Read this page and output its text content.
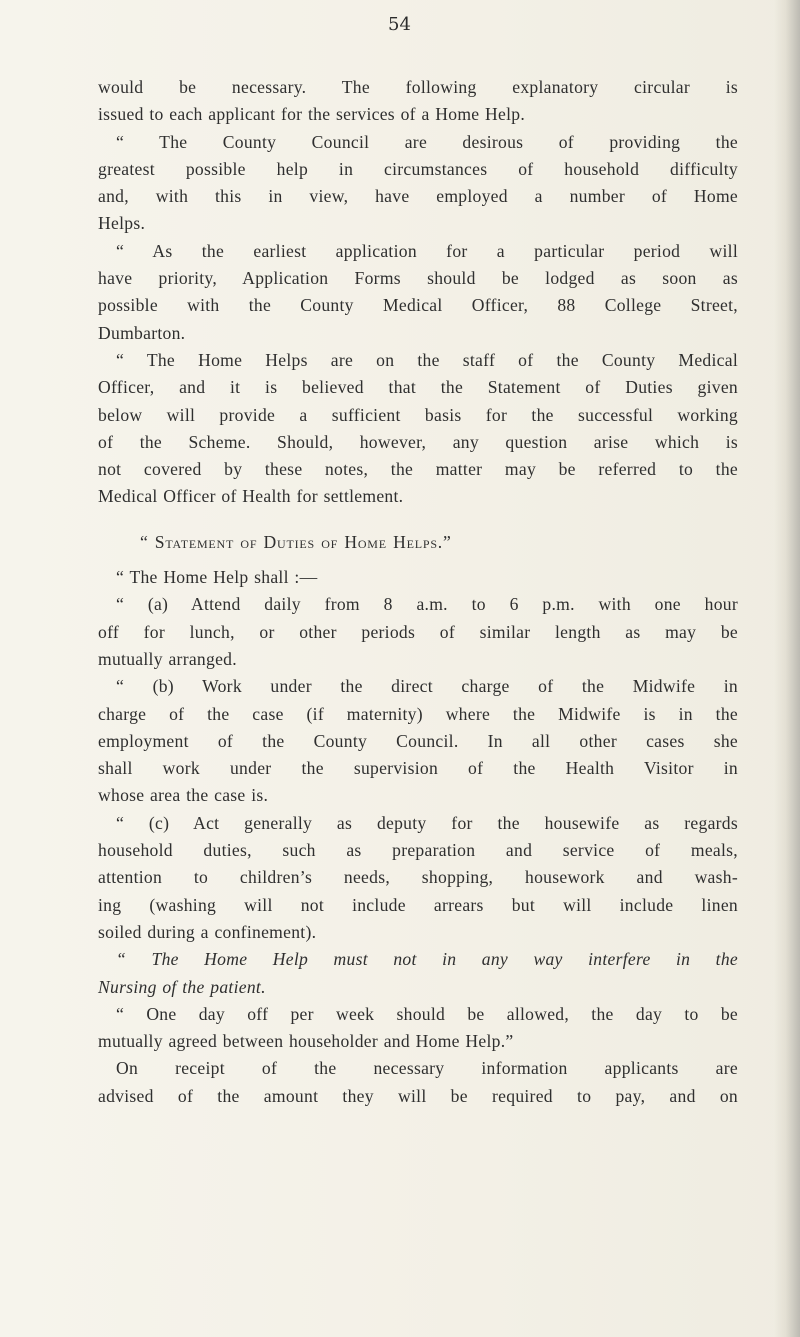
54
would be necessary. The following explanatory circular is
issued to each applicant for the services of a Home Help.
“ The County Council are desirous of providing the
greatest possible help in circumstances of household difficulty
and, with this in view, have employed a number of Home
Helps.
“ As the earliest application for a particular period will
have priority, Application Forms should be lodged as soon as
possible with the County Medical Officer, 88 College Street,
Dumbarton.
“ The Home Helps are on the staff of the County Medical
Officer, and it is believed that the Statement of Duties given
below will provide a sufficient basis for the successful working
of the Scheme. Should, however, any question arise which is
not covered by these notes, the matter may be referred to the
Medical Officer of Health for settlement.
“ Statement of Duties of Home Helps.”
“ The Home Help shall :—
“ (a) Attend daily from 8 a.m. to 6 p.m. with one hour
off for lunch, or other periods of similar length as may be
mutually arranged.
“ (b) Work under the direct charge of the Midwife in
charge of the case (if maternity) where the Midwife is in the
employment of the County Council. In all other cases she
shall work under the supervision of the Health Visitor in
whose area the case is.
“ (c) Act generally as deputy for the housewife as regards
household duties, such as preparation and service of meals,
attention to children’s needs, shopping, housework and wash-
ing (washing will not include arrears but will include linen
soiled during a confinement).
“ The Home Help must not in any way interfere in the
Nursing of the patient.
“ One day off per week should be allowed, the day to be
mutually agreed between householder and Home Help.”
On receipt of the necessary information applicants are
advised of the amount they will be required to pay, and on
